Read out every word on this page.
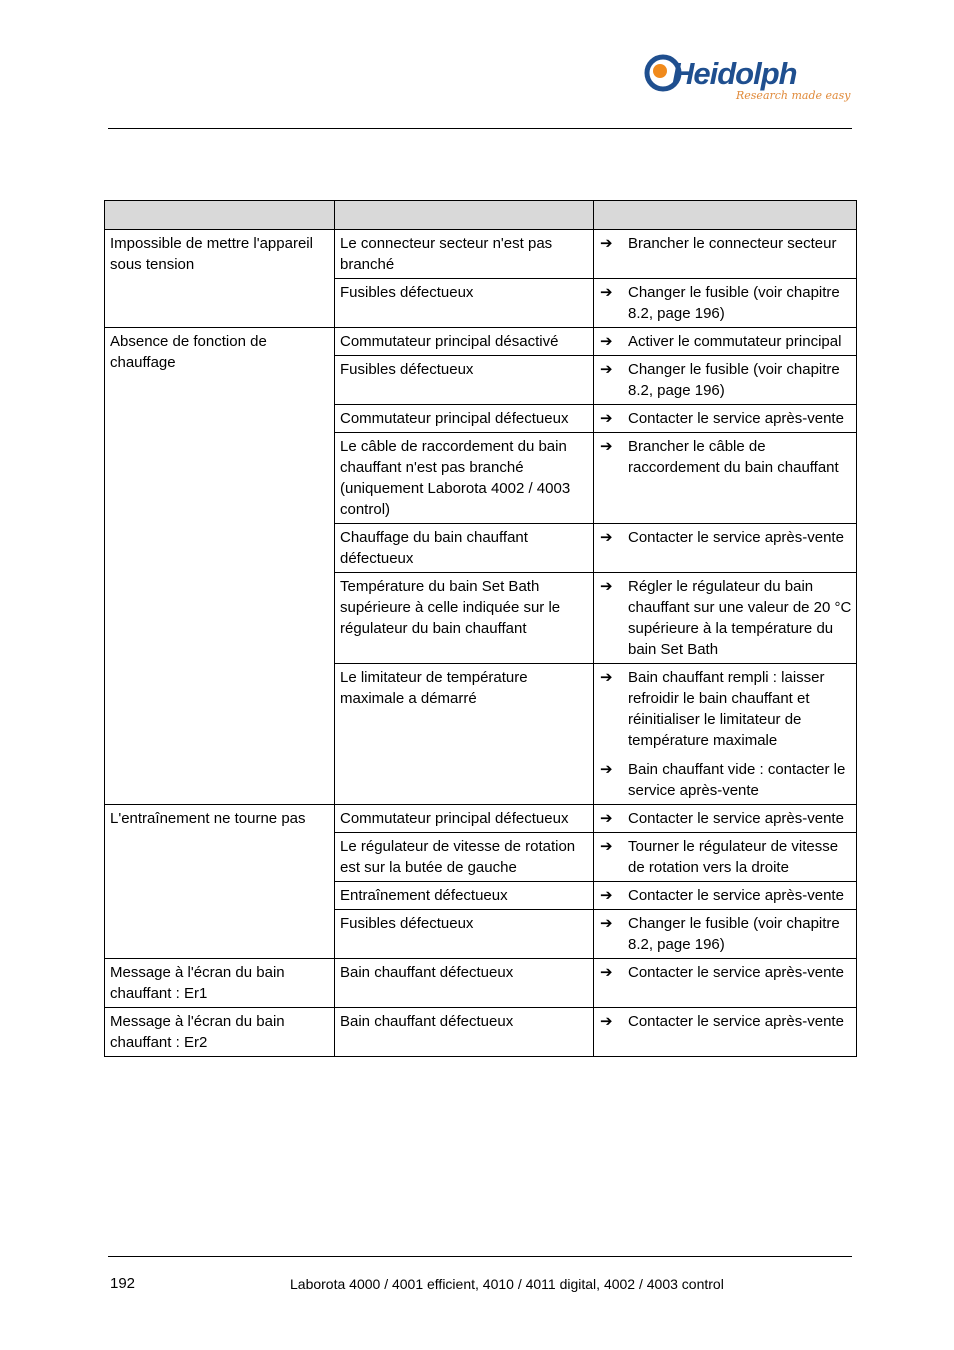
Heidolph
Research made easy

Impossible de mettre l'appareil sous tension	Le connecteur secteur n'est pas branché	➔ Brancher le connecteur secteur

	Fusibles défectueux	➔ Changer le fusible (voir chapitre 8.2, page 196)

Absence de fonction de chauffage	Commutateur principal désactivé	➔ Activer le commutateur principal

	Fusibles défectueux	➔ Changer le fusible (voir chapitre 8.2, page 196)

	Commutateur principal défectueux	➔ Contacter le service après-vente

	Le câble de raccordement du bain chauffant n'est pas branché (uniquement Laborota 4002 / 4003 control)	➔ Brancher le câble de raccordement du bain chauffant

	Chauffage du bain chauffant défectueux	➔ Contacter le service après-vente

	Température du bain Set Bath supérieure à celle indiquée sur le régulateur du bain chauffant	➔ Régler le régulateur du bain chauffant sur une valeur de 20 °C supérieure à la température du bain Set Bath

	Le limitateur de température maximale a démarré	➔ Bain chauffant rempli : laisser refroidir le bain chauffant et réinitialiser le limitateur de température maximale
➔ Bain chauffant vide : contacter le service après-vente

L'entraînement ne tourne pas	Commutateur principal défectueux	➔ Contacter le service après-vente

	Le régulateur de vitesse de rotation est sur la butée de gauche	➔ Tourner le régulateur de vitesse de rotation vers la droite

	Entraînement défectueux	➔ Contacter le service après-vente

	Fusibles défectueux	➔ Changer le fusible (voir chapitre 8.2, page 196)

Message à l'écran du bain chauffant : Er1	Bain chauffant défectueux	➔ Contacter le service après-vente

Message à l'écran du bain chauffant : Er2	Bain chauffant défectueux	➔ Contacter le service après-vente
192	Laborota 4000 / 4001 efficient, 4010 / 4011 digital, 4002 / 4003 control
